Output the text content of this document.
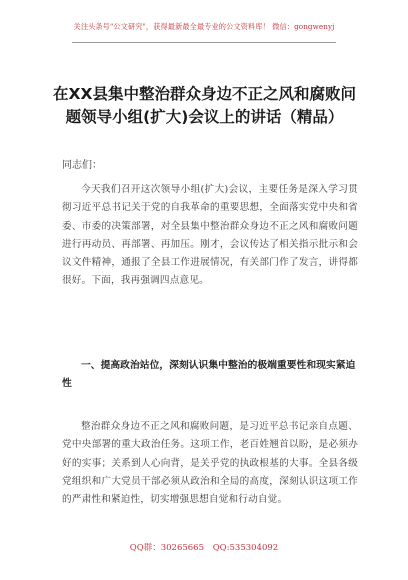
关注头条号"公文研究"，获得最新最全最专业的公文资料库！ 微信：gongwenyj
在XX县集中整治群众身边不正之风和腐败问题领导小组(扩大)会议上的讲话（精品）
同志们：

今天我们召开这次领导小组(扩大)会议，主要任务是深入学习贯彻习近平总书记关于党的自我革命的重要思想，全面落实党中央和省委、市委的决策部署，对全县集中整治群众身边不正之风和腐败问题进行再动员、再部署、再加压。刚才，会议传达了相关指示批示和会议文件精神，通报了全县工作进展情况，有关部门作了发言，讲得都很好。下面，我再强调四点意见。

一、提高政治站位，深刻认识集中整治的极端重要性和现实紧迫性

整治群众身边不正之风和腐败问题，是习近平总书记亲自点题、党中央部署的重大政治任务。这项工作，老百姓翘首以盼，是必须办好的实事；关系到人心向背，是关乎党的执政根基的大事。全县各级党组织和广大党员干部必须从政治和全局的高度，深刻认识这项工作的严肃性和紧迫性，切实增强思想自觉和行动自觉。

QQ群：30265665 QQ:535304092
